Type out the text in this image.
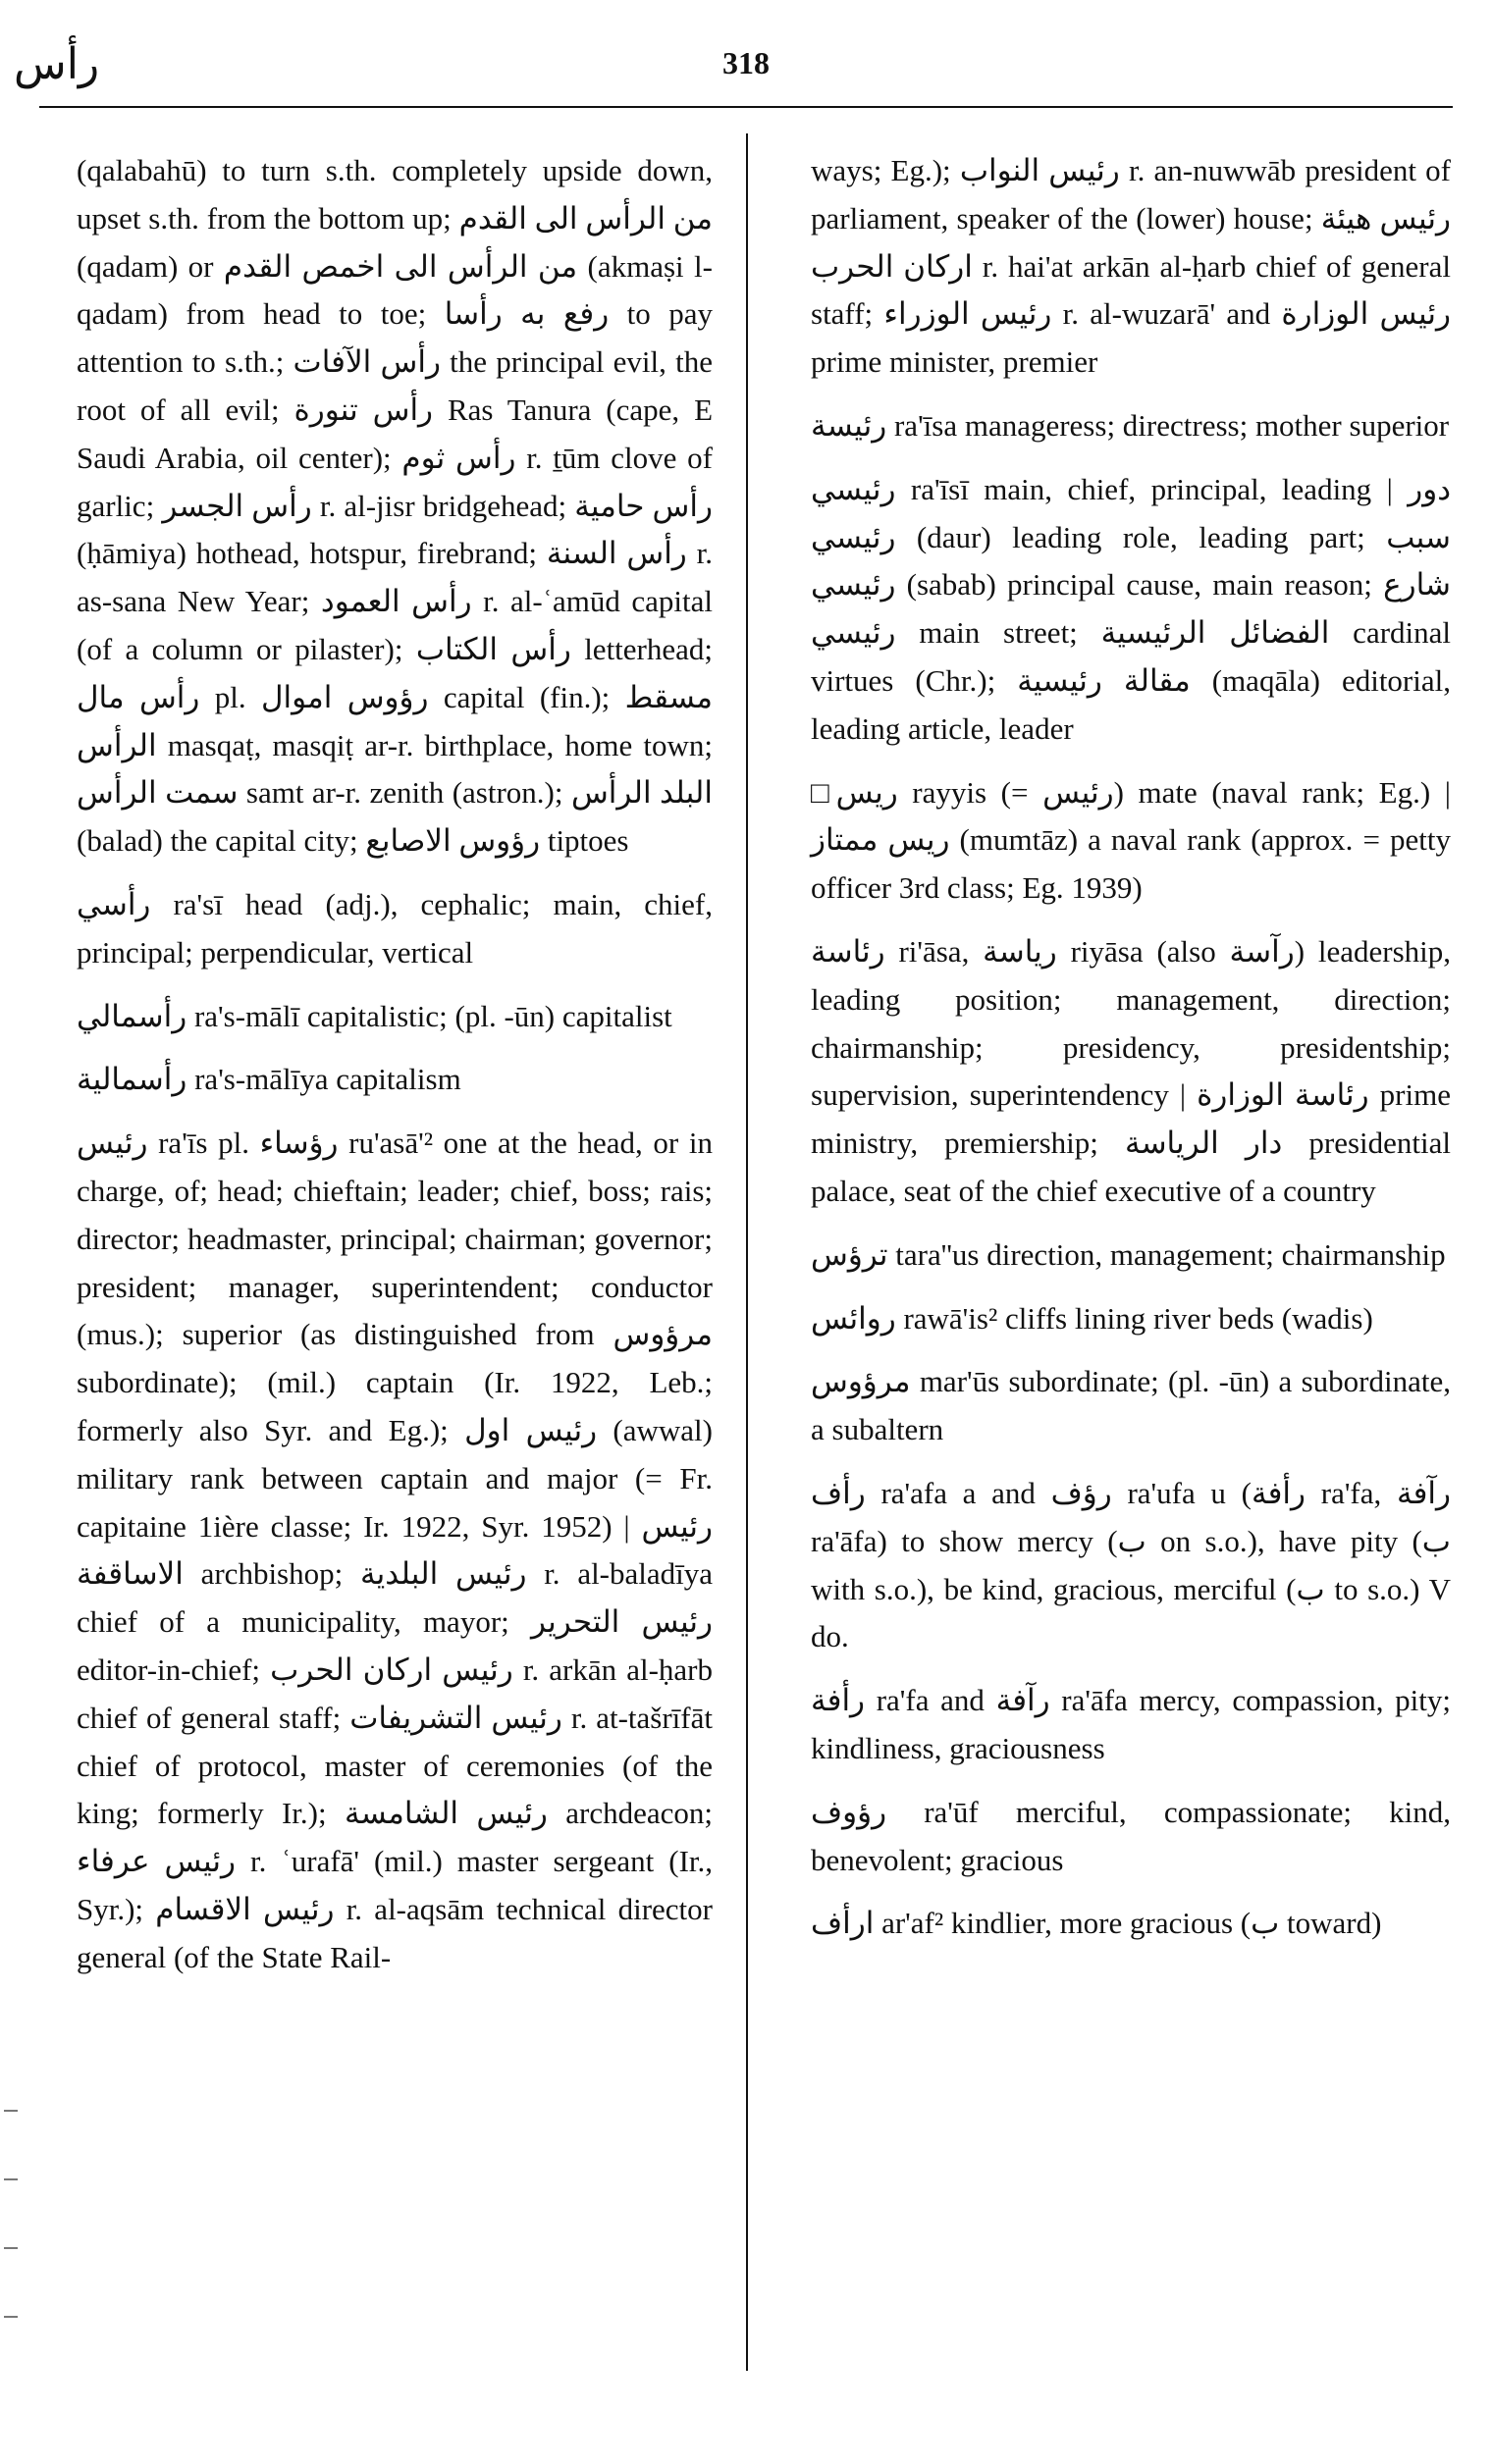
رأس	318

(qalabahū) to turn s.th. completely upside down, upset s.th. from the bottom up; من الرأس الى القدم (qadam) or من الرأس الى اخمص القدم (akmaṣi l-qadam) from head to toe; رفع به رأسا to pay attention to s.th.; رأس الآفات the principal evil, the root of all evil; رأس تنورة Ras Tanura (cape, E Saudi Arabia, oil center); رأس ثوم r. ṯūm clove of garlic; رأس الجسر r. al-jisr bridgehead; رأس حامية (ḥāmiya) hothead, hotspur, firebrand; رأس السنة r. as-sana New Year; رأس العمود r. al-ʿamūd capital (of a column or pilaster); رأس الكتاب letterhead; رأس مال pl. رؤوس اموال capital (fin.); مسقط الرأس masqaṭ, masqiṭ ar-r. birthplace, home town; سمت الرأس samt ar-r. zenith (astron.); البلد الرأس (balad) the capital city; رؤوس الاصابع tiptoes

رأسي ra'sī head (adj.), cephalic; main, chief, principal; perpendicular, vertical

رأسمالي ra's-mālī capitalistic; (pl. -ūn) capitalist

رأسمالية ra's-mālīya capitalism

رئيس ra'īs pl. رؤساء ru'asā'² one at the head, or in charge, of; head; chieftain; leader; chief, boss; rais; director; headmaster, principal; chairman; governor; president; manager, superintendent; conductor (mus.); superior (as distinguished from مرؤوس subordinate); (mil.) captain (Ir. 1922, Leb.; formerly also Syr. and Eg.); رئيس اول (awwal) military rank between captain and major (= Fr. capitaine 1ière classe; Ir. 1922, Syr. 1952) | رئيس الاساقفة archbishop; رئيس البلدية r. al-baladīya chief of a municipality, mayor; رئيس التحرير editor-in-chief; رئيس اركان الحرب r. arkān al-ḥarb chief of general staff; رئيس التشريفات r. at-tašrīfāt chief of protocol, master of ceremonies (of the king; formerly Ir.); رئيس الشامسة archdeacon; رئيس عرفاء r. ʿurafā' (mil.) master sergeant (Ir., Syr.); رئيس الاقسام r. al-aqsām technical director general (of the State Rail-

ways; Eg.); رئيس النواب r. an-nuwwāb president of parliament, speaker of the (lower) house; رئيس هيئة اركان الحرب r. hai'at arkān al-ḥarb chief of general staff; رئيس الوزراء r. al-wuzarā' and رئيس الوزارة prime minister, premier

رئيسة ra'īsa manageress; directress; mother superior

رئيسي ra'īsī main, chief, principal, leading | دور رئيسي (daur) leading role, leading part; سبب رئيسي (sabab) principal cause, main reason; شارع رئيسي main street; الفضائل الرئيسية cardinal virtues (Chr.); مقالة رئيسية (maqāla) editorial, leading article, leader

□ريس rayyis (= رئيس) mate (naval rank; Eg.) | ريس ممتاز (mumtāz) a naval rank (approx. = petty officer 3rd class; Eg. 1939)

رئاسة ri'āsa, رياسة riyāsa (also رآسة) leadership, leading position; management, direction; chairmanship; presidency, presidentship; supervision, superintendency | رئاسة الوزارة prime ministry, premiership; دار الرياسة presidential palace, seat of the chief executive of a country

ترؤس tara''us direction, management; chairmanship

روائس rawā'is² cliffs lining river beds (wadis)

مرؤوس mar'ūs subordinate; (pl. -ūn) a subordinate, a subaltern

رأف ra'afa a and رؤف ra'ufa u (رأفة ra'fa, رآفة ra'āfa) to show mercy (ب on s.o.), have pity (ب with s.o.), be kind, gracious, merciful (ب to s.o.) V do.

رأفة ra'fa and رآفة ra'āfa mercy, compassion, pity; kindliness, graciousness

رؤوف ra'ūf merciful, compassionate; kind, benevolent; gracious

ارأف ar'af² kindlier, more gracious (ب toward)
